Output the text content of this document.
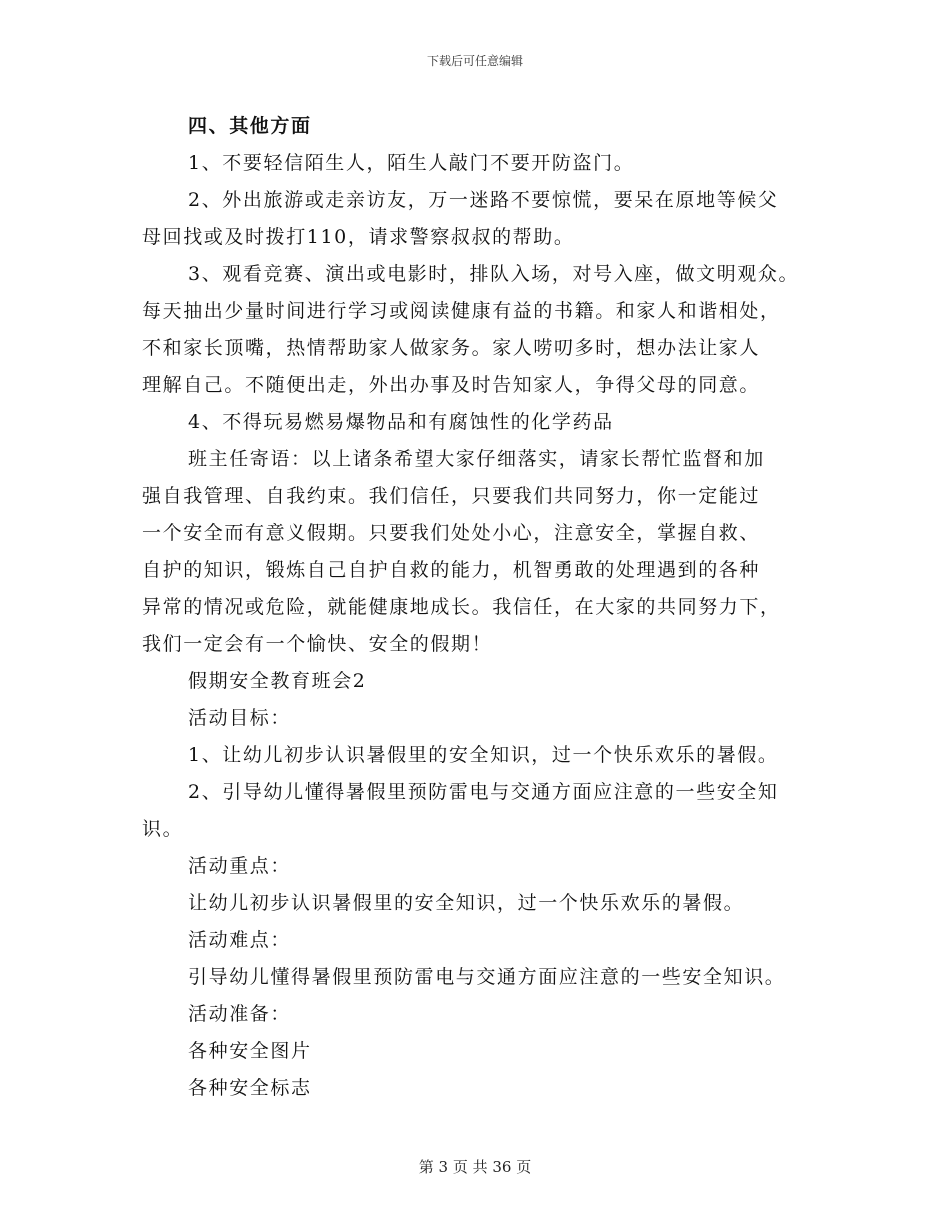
下载后可任意编辑
四、其他方面
1、不要轻信陌生人，陌生人敲门不要开防盗门。
2、外出旅游或走亲访友，万一迷路不要惊慌，要呆在原地等候父
母回找或及时拨打110，请求警察叔叔的帮助。
3、观看竞赛、演出或电影时，排队入场，对号入座，做文明观众。
每天抽出少量时间进行学习或阅读健康有益的书籍。和家人和谐相处，
不和家长顶嘴，热情帮助家人做家务。家人唠叨多时，想办法让家人
理解自己。不随便出走，外出办事及时告知家人，争得父母的同意。
4、不得玩易燃易爆物品和有腐蚀性的化学药品
班主任寄语：以上诸条希望大家仔细落实，请家长帮忙监督和加
强自我管理、自我约束。我们信任，只要我们共同努力，你一定能过
一个安全而有意义假期。只要我们处处小心，注意安全，掌握自救、
自护的知识，锻炼自己自护自救的能力，机智勇敢的处理遇到的各种
异常的情况或危险，就能健康地成长。我信任，在大家的共同努力下，
我们一定会有一个愉快、安全的假期！
假期安全教育班会2
活动目标：
1、让幼儿初步认识暑假里的安全知识，过一个快乐欢乐的暑假。
2、引导幼儿懂得暑假里预防雷电与交通方面应注意的一些安全知
识。
活动重点：
让幼儿初步认识暑假里的安全知识，过一个快乐欢乐的暑假。
活动难点：
引导幼儿懂得暑假里预防雷电与交通方面应注意的一些安全知识。
活动准备：
各种安全图片
各种安全标志
第 3 页 共 36 页
